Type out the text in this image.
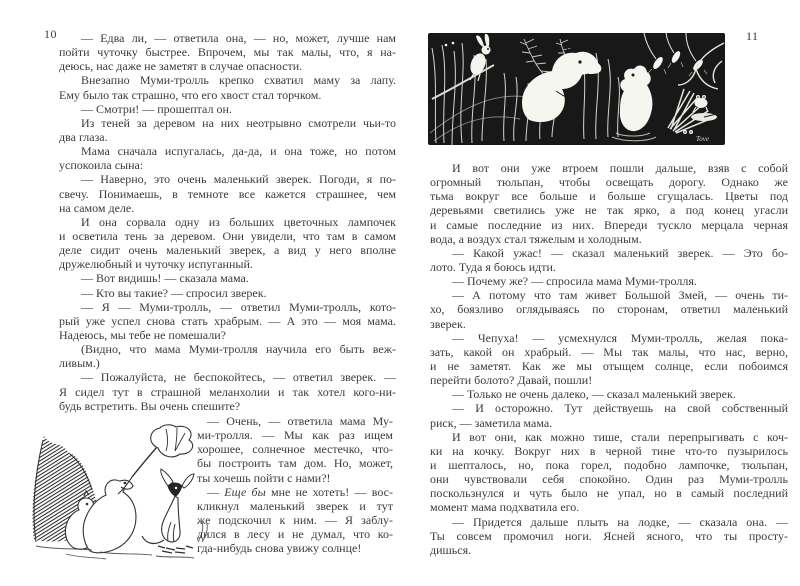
10	— Едва ли, — ответила она, — но, может, лучше нам
пойти чуточку быстрее. Впрочем, мы так малы, что, я на-
деюсь, нас даже не заметят в случае опасности.
Внезапно Муми-тролль крепко схватил маму за лапу.
Ему было так страшно, что его хвост стал торчком.
— Смотри! — прошептал он.
Из теней за деревом на них неотрывно смотрели чьи-то
два глаза.
Мама сначала испугалась, да-да, и она тоже, но потом
успокоила сына:
— Наверно, это очень маленький зверек. Погоди, я по-
свечу. Понимаешь, в темноте все кажется страшнее, чем
на самом деле.
И она сорвала одну из больших цветочных лампочек
и осветила тень за деревом. Они увидели, что там в самом
деле сидит очень маленький зверек, а вид у него вполне
дружелюбный и чуточку испуганный.
— Вот видишь! — сказала мама.
— Кто вы такие? — спросил зверек.
— Я — Муми-тролль, — ответил Муми-тролль, кото-
рый уже успел снова стать храбрым. — А это — моя мама.
Надеюсь, мы тебе не помешали?
(Видно, что мама Муми-тролля научила его быть веж-
ливым.)
— Пожалуйста, не беспокойтесь, — ответил зверек. —
Я сидел тут в страшной меланхолии и так хотел кого-ни-
будь встретить. Вы очень спешите?
— Очень, — ответила мама Му-
ми-тролля. — Мы как раз ищем
хорошее, солнечное местечко, что-
бы построить там дом. Но, может,
ты хочешь пойти с нами?!
— Еще бы мне не хотеть! — вос-
кликнул маленький зверек и тут
же подскочил к ним. — Я заблу-
дился в лесу и не думал, что ко-
гда-нибудь снова увижу солнце!
11
Tove
И вот они уже втроем пошли дальше, взяв с собой
огромный тюльпан, чтобы освещать дорогу. Однако же
тьма вокруг все больше и больше сгущалась. Цветы под
деревьями светились уже не так ярко, а под конец угасли
и самые последние из них. Впереди тускло мерцала черная
вода, а воздух стал тяжелым и холодным.
— Какой ужас! — сказал маленький зверек. — Это бо-
лото. Туда я боюсь идти.
— Почему же? — спросила мама Муми-тролля.
— А потому что там живет Большой Змей, — очень ти-
хо, боязливо оглядываясь по сторонам, ответил маленький
зверек.
— Чепуха! — усмехнулся Муми-тролль, желая пока-
зать, какой он храбрый. — Мы так малы, что нас, верно,
и не заметят. Как же мы отыщем солнце, если побоимся
перейти болото? Давай, пошли!
— Только не очень далеко, — сказал маленький зверек.
— И осторожно. Тут действуешь на свой собственный
риск, — заметила мама.
И вот они, как можно тише, стали перепрыгивать с коч-
ки на кочку. Вокруг них в черной тине что-то пузырилось
и шепталось, но, пока горел, подобно лампочке, тюльпан,
они чувствовали себя спокойно. Один раз Муми-тролль
поскользнулся и чуть было не упал, но в самый последний
момент мама подхватила его.
— Придется дальше плыть на лодке, — сказала она. —
Ты совсем промочил ноги. Ясней ясного, что ты просту-
дишься.
